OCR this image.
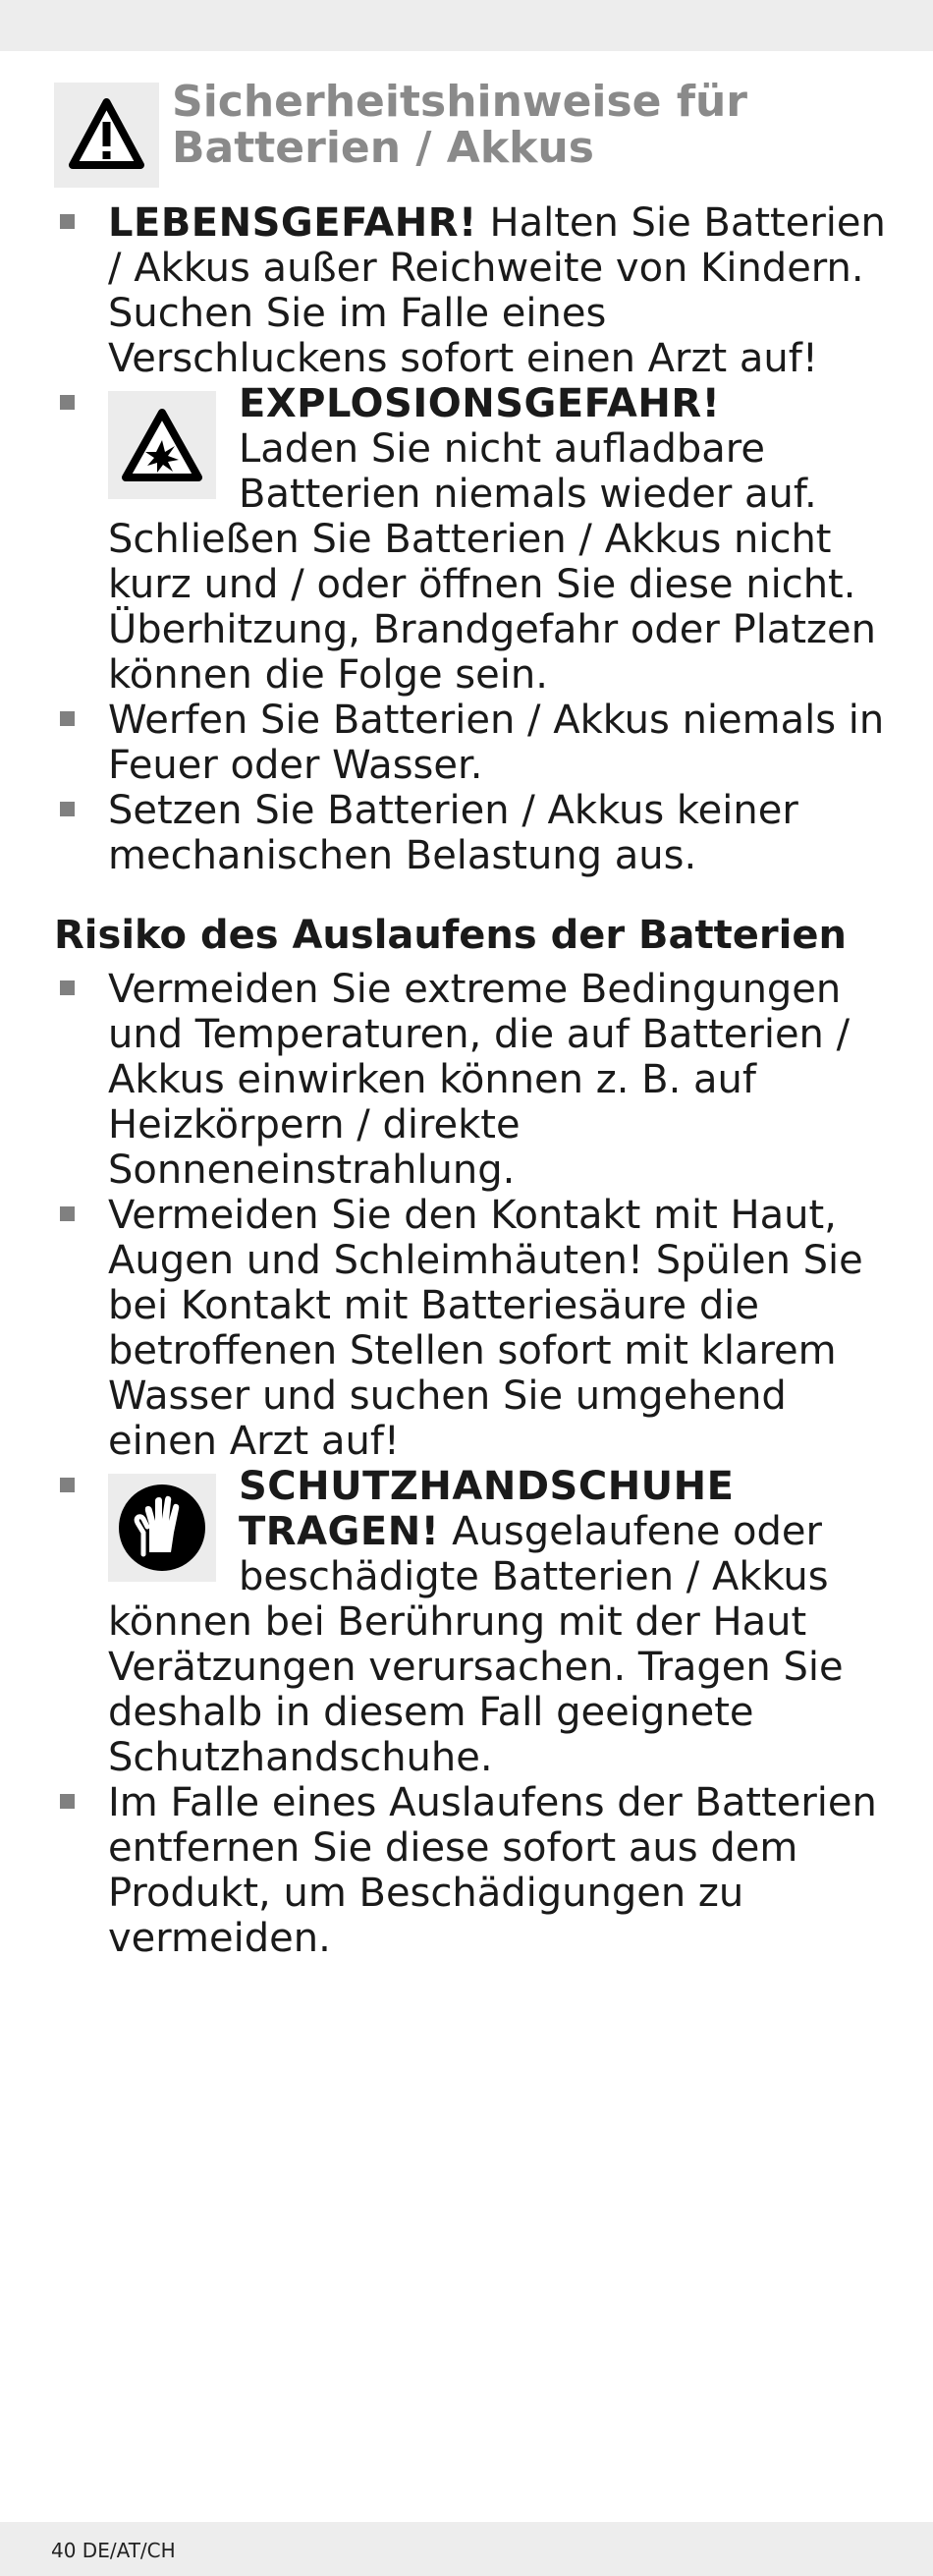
Sicherheitshinweise für
Batterien / Akkus
LEBENSGEFAHR! Halten Sie Batterien / Akkus außer Reichweite von Kindern. Suchen Sie im Falle eines Verschluckens sofort einen Arzt auf!
EXPLOSIONSGEFAHR!
Laden Sie nicht aufladbare Batterien niemals wieder auf.
Schließen Sie Batterien / Akkus nicht kurz und / oder öffnen Sie diese nicht. Überhitzung, Brandgefahr oder Platzen können die Folge sein.
Werfen Sie Batterien / Akkus niemals in Feuer oder Wasser.
Setzen Sie Batterien / Akkus keiner mechanischen Belastung aus.
Risiko des Auslaufens der Batterien
Vermeiden Sie extreme Bedingungen und Temperaturen, die auf Batterien / Akkus einwirken können z. B. auf Heizkörpern / direkte Sonneneinstrahlung.
Vermeiden Sie den Kontakt mit Haut, Augen und Schleimhäuten! Spülen Sie bei Kontakt mit Batteriesäure die betroffenen Stellen sofort mit klarem Wasser und suchen Sie umgehend einen Arzt auf!
SCHUTZHANDSCHUHE
TRAGEN! Ausgelaufene oder beschädigte Batterien / Akkus
können bei Berührung mit der Haut Verätzungen verursachen. Tragen Sie deshalb in diesem Fall geeignete Schutzhandschuhe.
Im Falle eines Auslaufens der Batterien entfernen Sie diese sofort aus dem Produkt, um Beschädigungen zu vermeiden.
40 DE/AT/CH
